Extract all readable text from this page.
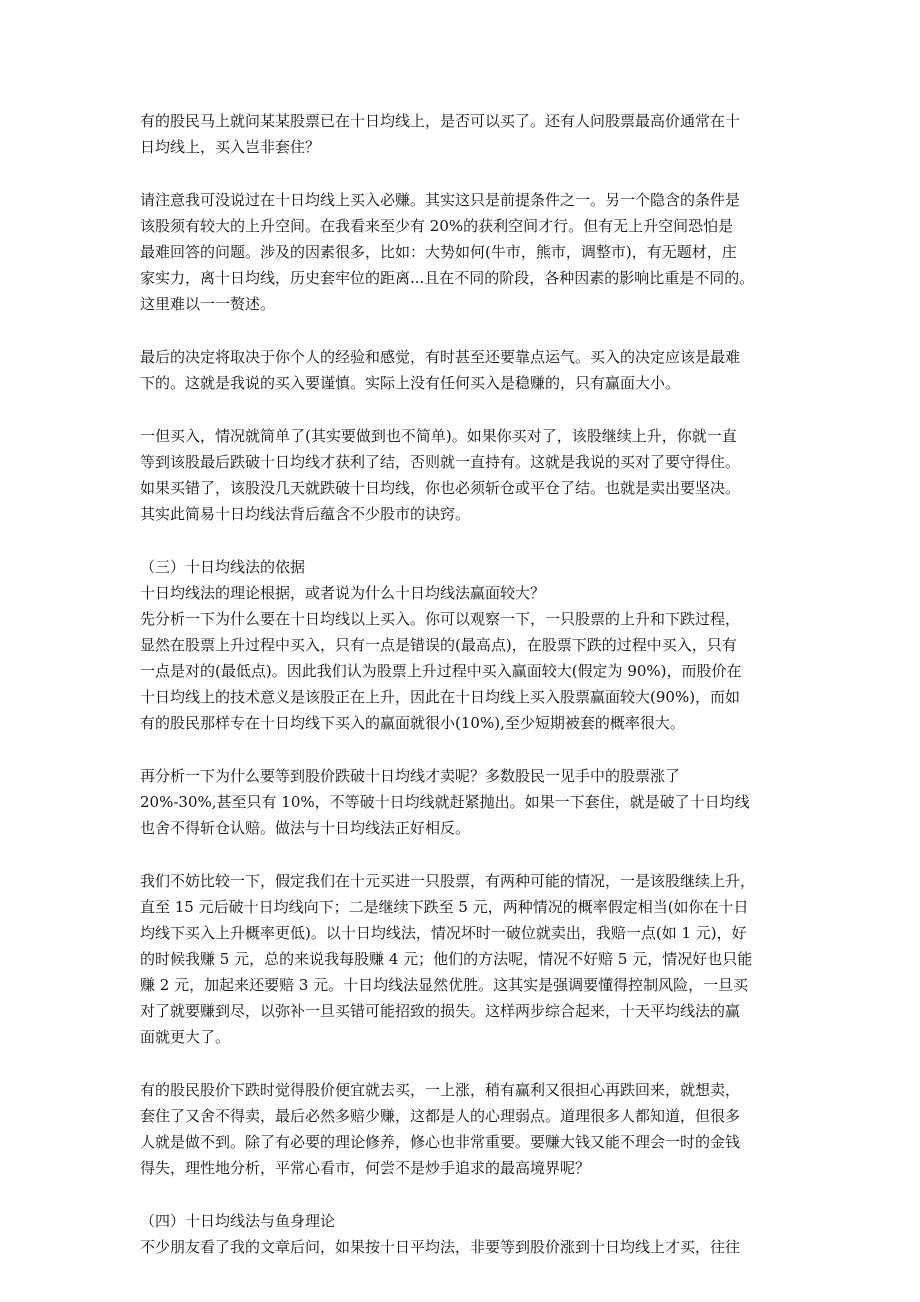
有的股民马上就问某某股票已在十日均线上，是否可以买了。还有人问股票最高价通常在十
日均线上，买入岂非套住？
请注意我可没说过在十日均线上买入必赚。其实这只是前提条件之一。另一个隐含的条件是
该股须有较大的上升空间。在我看来至少有 20%的获利空间才行。但有无上升空间恐怕是
最难回答的问题。涉及的因素很多，比如：大势如何(牛市，熊市，调整市)，有无题材，庄
家实力，离十日均线，历史套牢位的距离...且在不同的阶段，各种因素的影响比重是不同的。
这里难以一一赘述。
最后的决定将取决于你个人的经验和感觉，有时甚至还要靠点运气。买入的决定应该是最难
下的。这就是我说的买入要谨慎。实际上没有任何买入是稳赚的，只有赢面大小。
一但买入，情况就简单了(其实要做到也不简单)。如果你买对了，该股继续上升，你就一直
等到该股最后跌破十日均线才获利了结，否则就一直持有。这就是我说的买对了要守得住。
如果买错了，该股没几天就跌破十日均线，你也必须斩仓或平仓了结。也就是卖出要坚决。
其实此简易十日均线法背后蕴含不少股市的诀窍。
（三）十日均线法的依据
十日均线法的理论根据，或者说为什么十日均线法赢面较大？
先分析一下为什么要在十日均线以上买入。你可以观察一下，一只股票的上升和下跌过程，
显然在股票上升过程中买入，只有一点是错误的(最高点)，在股票下跌的过程中买入，只有
一点是对的(最低点)。因此我们认为股票上升过程中买入赢面较大(假定为 90%)，而股价在
十日均线上的技术意义是该股正在上升，因此在十日均线上买入股票赢面较大(90%)，而如
有的股民那样专在十日均线下买入的赢面就很小(10%),至少短期被套的概率很大。
再分析一下为什么要等到股价跌破十日均线才卖呢？多数股民一见手中的股票涨了
20%-30%,甚至只有 10%，不等破十日均线就赶紧抛出。如果一下套住，就是破了十日均线
也舍不得斩仓认赔。做法与十日均线法正好相反。
我们不妨比较一下，假定我们在十元买进一只股票，有两种可能的情况，一是该股继续上升，
直至 15 元后破十日均线向下；二是继续下跌至 5 元，两种情况的概率假定相当(如你在十日
均线下买入上升概率更低)。以十日均线法，情况坏时一破位就卖出，我赔一点(如 1 元)，好
的时候我赚 5 元，总的来说我每股赚 4 元；他们的方法呢，情况不好赔 5 元，情况好也只能
赚 2 元，加起来还要赔 3 元。十日均线法显然优胜。这其实是强调要懂得控制风险，一旦买
对了就要赚到尽，以弥补一旦买错可能招致的损失。这样两步综合起来，十天平均线法的赢
面就更大了。
有的股民股价下跌时觉得股价便宜就去买，一上涨，稍有赢利又很担心再跌回来，就想卖，
套住了又舍不得卖，最后必然多赔少赚，这都是人的心理弱点。道理很多人都知道，但很多
人就是做不到。除了有必要的理论修养，修心也非常重要。要赚大钱又能不理会一时的金钱
得失，理性地分析，平常心看市，何尝不是炒手追求的最高境界呢？
（四）十日均线法与鱼身理论
不少朋友看了我的文章后问，如果按十日平均法，非要等到股价涨到十日均线上才买，往往
